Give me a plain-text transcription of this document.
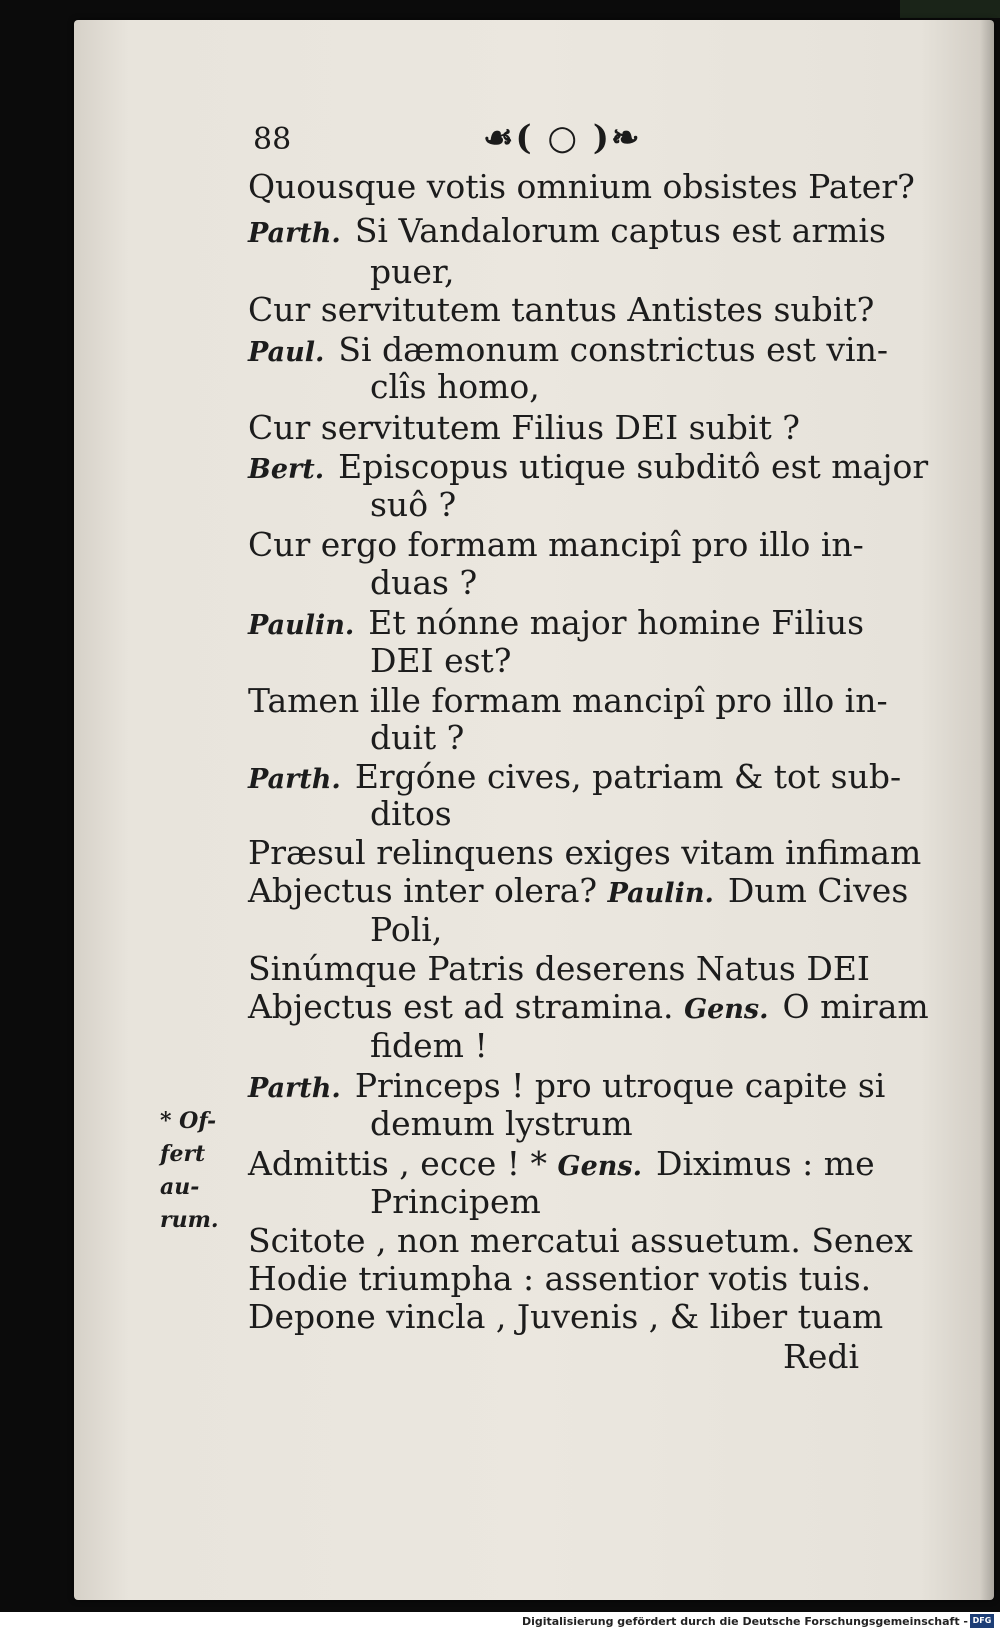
88	☙( ○ )❧
Quousque votis omnium obsistes Pater?
Parth. Si Vandalorum captus est armis
puer,
Cur servitutem tantus Antistes subit?
Paul. Si dæmonum constrictus est vin-
clîs homo,
Cur servitutem Filius DEI subit ?
Bert. Episcopus utique subditô est major
suô ?
Cur ergo formam mancipî pro illo in-
duas ?
Paulin. Et nónne major homine Filius
DEI est?
Tamen ille formam mancipî pro illo in-
duit ?
Parth. Ergóne cives, patriam & tot sub-
ditos
Præsul relinquens exiges vitam infimam
Abjectus inter olera? Paulin. Dum Cives
Poli,
Sinúmque Patris deserens Natus DEI
Abjectus est ad stramina. Gens. O miram
fidem !
Parth. Princeps ! pro utroque capite si
demum lystrum
Admittis , ecce ! * Gens. Diximus : me
Principem
Scitote , non mercatui assuetum. Senex
Hodie triumpha : assentior votis tuis.
Depone vincla , Juvenis , & liber tuam
Redi
* Of-
fert
au-
rum.
Digitalisierung gefördert durch die Deutsche Forschungsgemeinschaft - DFG
